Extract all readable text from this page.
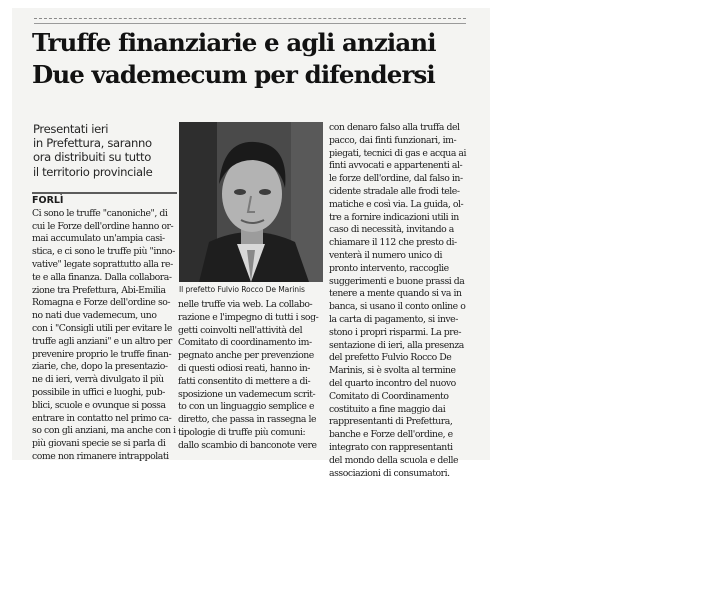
Truffe finanziarie e agli anziani
Due vademecum per difendersi
Presentati ieri
in Prefettura, saranno
ora distribuiti su tutto
il territorio provinciale
FORLÌ
Ci sono le truffe "canoniche", di
cui le Forze dell'ordine hanno or-
mai accumulato un'ampia casi-
stica, e ci sono le truffe più "inno-
vative" legate soprattutto alla re-
te e alla finanza. Dalla collabora-
zione tra Prefettura, Abi-Emilia
Romagna e Forze dell'ordine so-
no nati due vademecum, uno
con i "Consigli utili per evitare le
truffe agli anziani" e un altro per
prevenire proprio le truffe finan-
ziarie, che, dopo la presentazio-
ne di ieri, verrà divulgato il più
possibile in uffici e luoghi, pub-
blici, scuole e ovunque si possa
entrare in contatto nel primo ca-
so con gli anziani, ma anche con i
più giovani specie se si parla di
come non rimanere intrappolati
Il prefetto Fulvio Rocco De Marinis
nelle truffe via web. La collabo-
razione e l'impegno di tutti i sog-
getti coinvolti nell'attività del
Comitato di coordinamento im-
pegnato anche per prevenzione
di questi odiosi reati, hanno in-
fatti consentito di mettere a di-
sposizione un vademecum scrit-
to con un linguaggio semplice e
diretto, che passa in rassegna le
tipologie di truffe più comuni:
dallo scambio di banconote vere
con denaro falso alla truffa del
pacco, dai finti funzionari, im-
piegati, tecnici di gas e acqua ai
finti avvocati e appartenenti al-
le forze dell'ordine, dal falso in-
cidente stradale alle frodi tele-
matiche e così via. La guida, ol-
tre a fornire indicazioni utili in
caso di necessità, invitando a
chiamare il 112 che presto di-
venterà il numero unico di
pronto intervento, raccoglie
suggerimenti e buone prassi da
tenere a mente quando si va in
banca, si usano il conto online o
la carta di pagamento, si inve-
stono i propri risparmi. La pre-
sentazione di ieri, alla presenza
del prefetto Fulvio Rocco De
Marinis, si è svolta al termine
del quarto incontro del nuovo
Comitato di Coordinamento
costituito a fine maggio dai
rappresentanti di Prefettura,
banche e Forze dell'ordine, e
integrato con rappresentanti
del mondo della scuola e delle
associazioni di consumatori.
